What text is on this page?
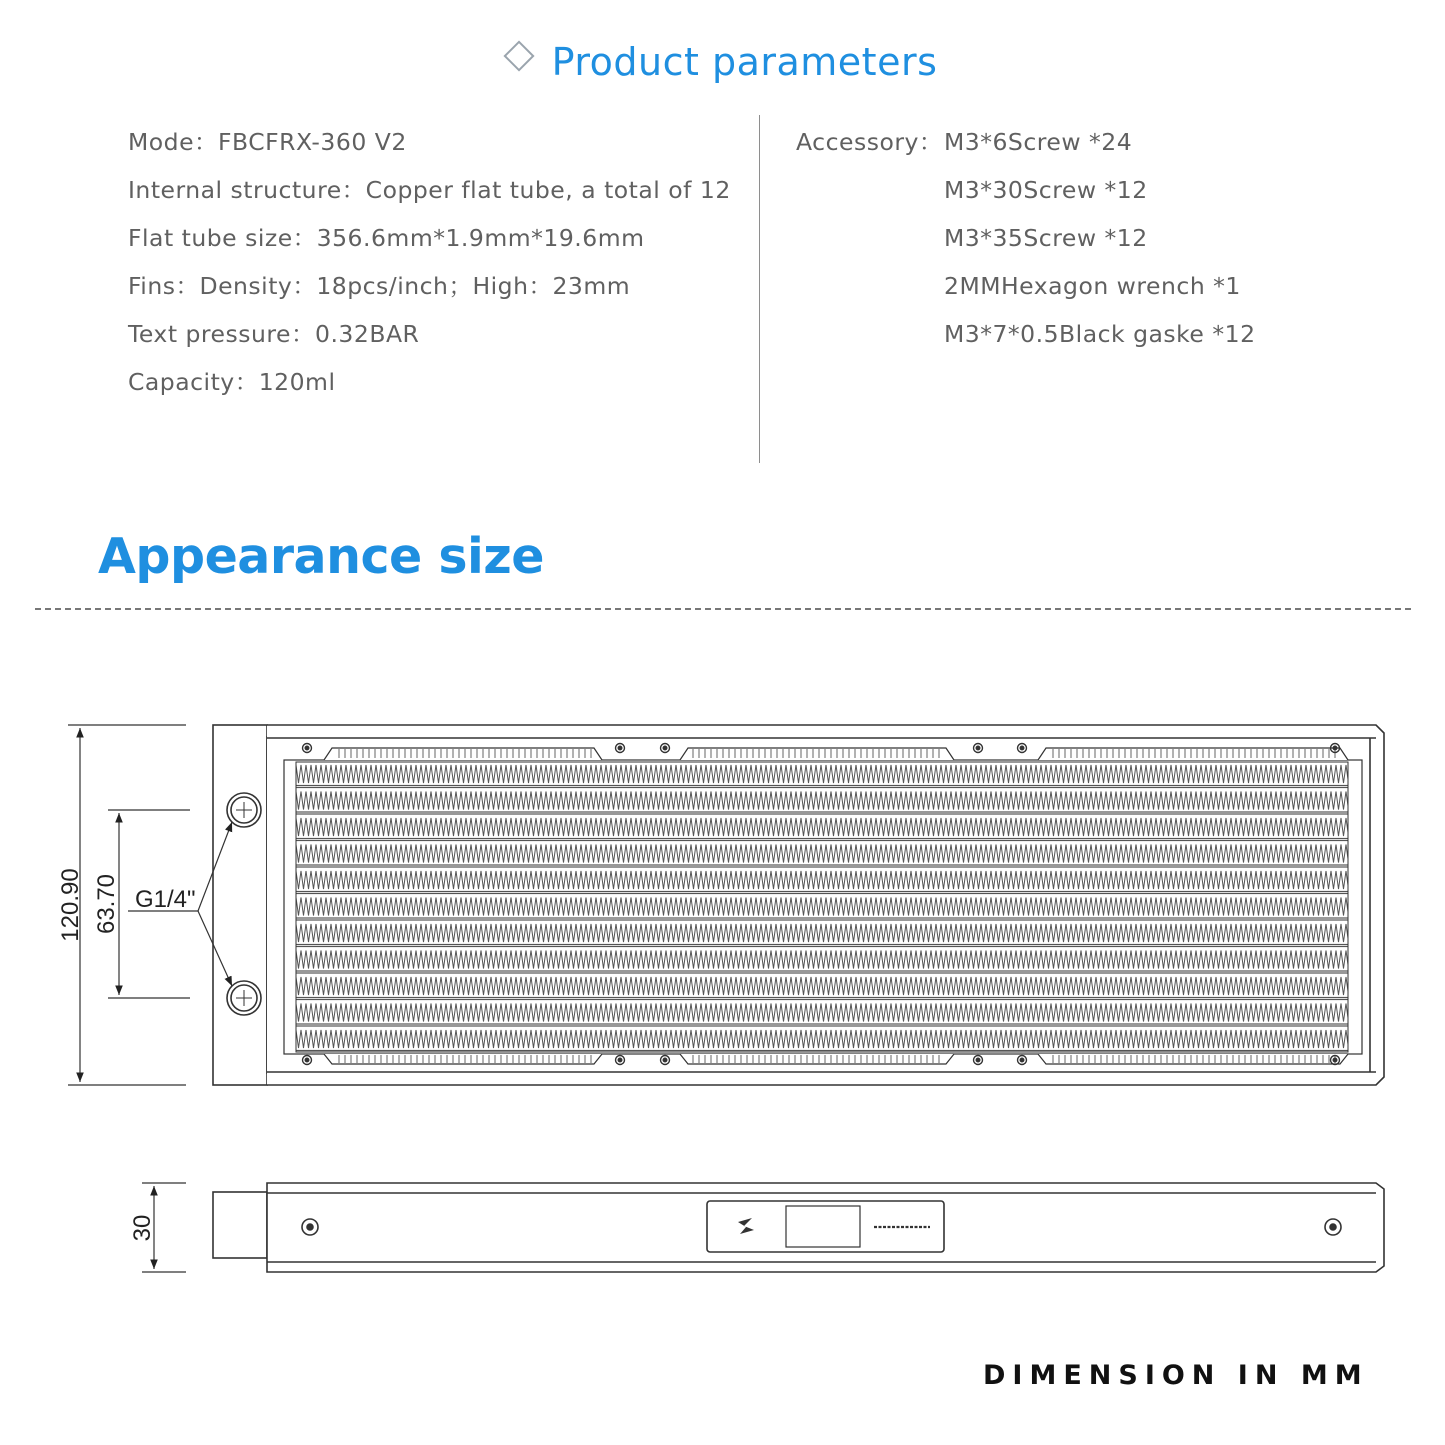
Product parameters
Mode：FBCFRX-360 V2
Internal structure：Copper flat tube, a total of 12
Flat tube size：356.6mm*1.9mm*19.6mm
Fins：Density：18pcs/inch；High：23mm
Text pressure：0.32BAR
Capacity：120ml
Accessory：M3*6Screw *24
M3*30Screw *12
M3*35Screw *12
2MMHexagon wrench *1
M3*7*0.5Black gaske *12
Appearance size
120.90 63.70 G1/4"
30
DIMENSION IN MM
